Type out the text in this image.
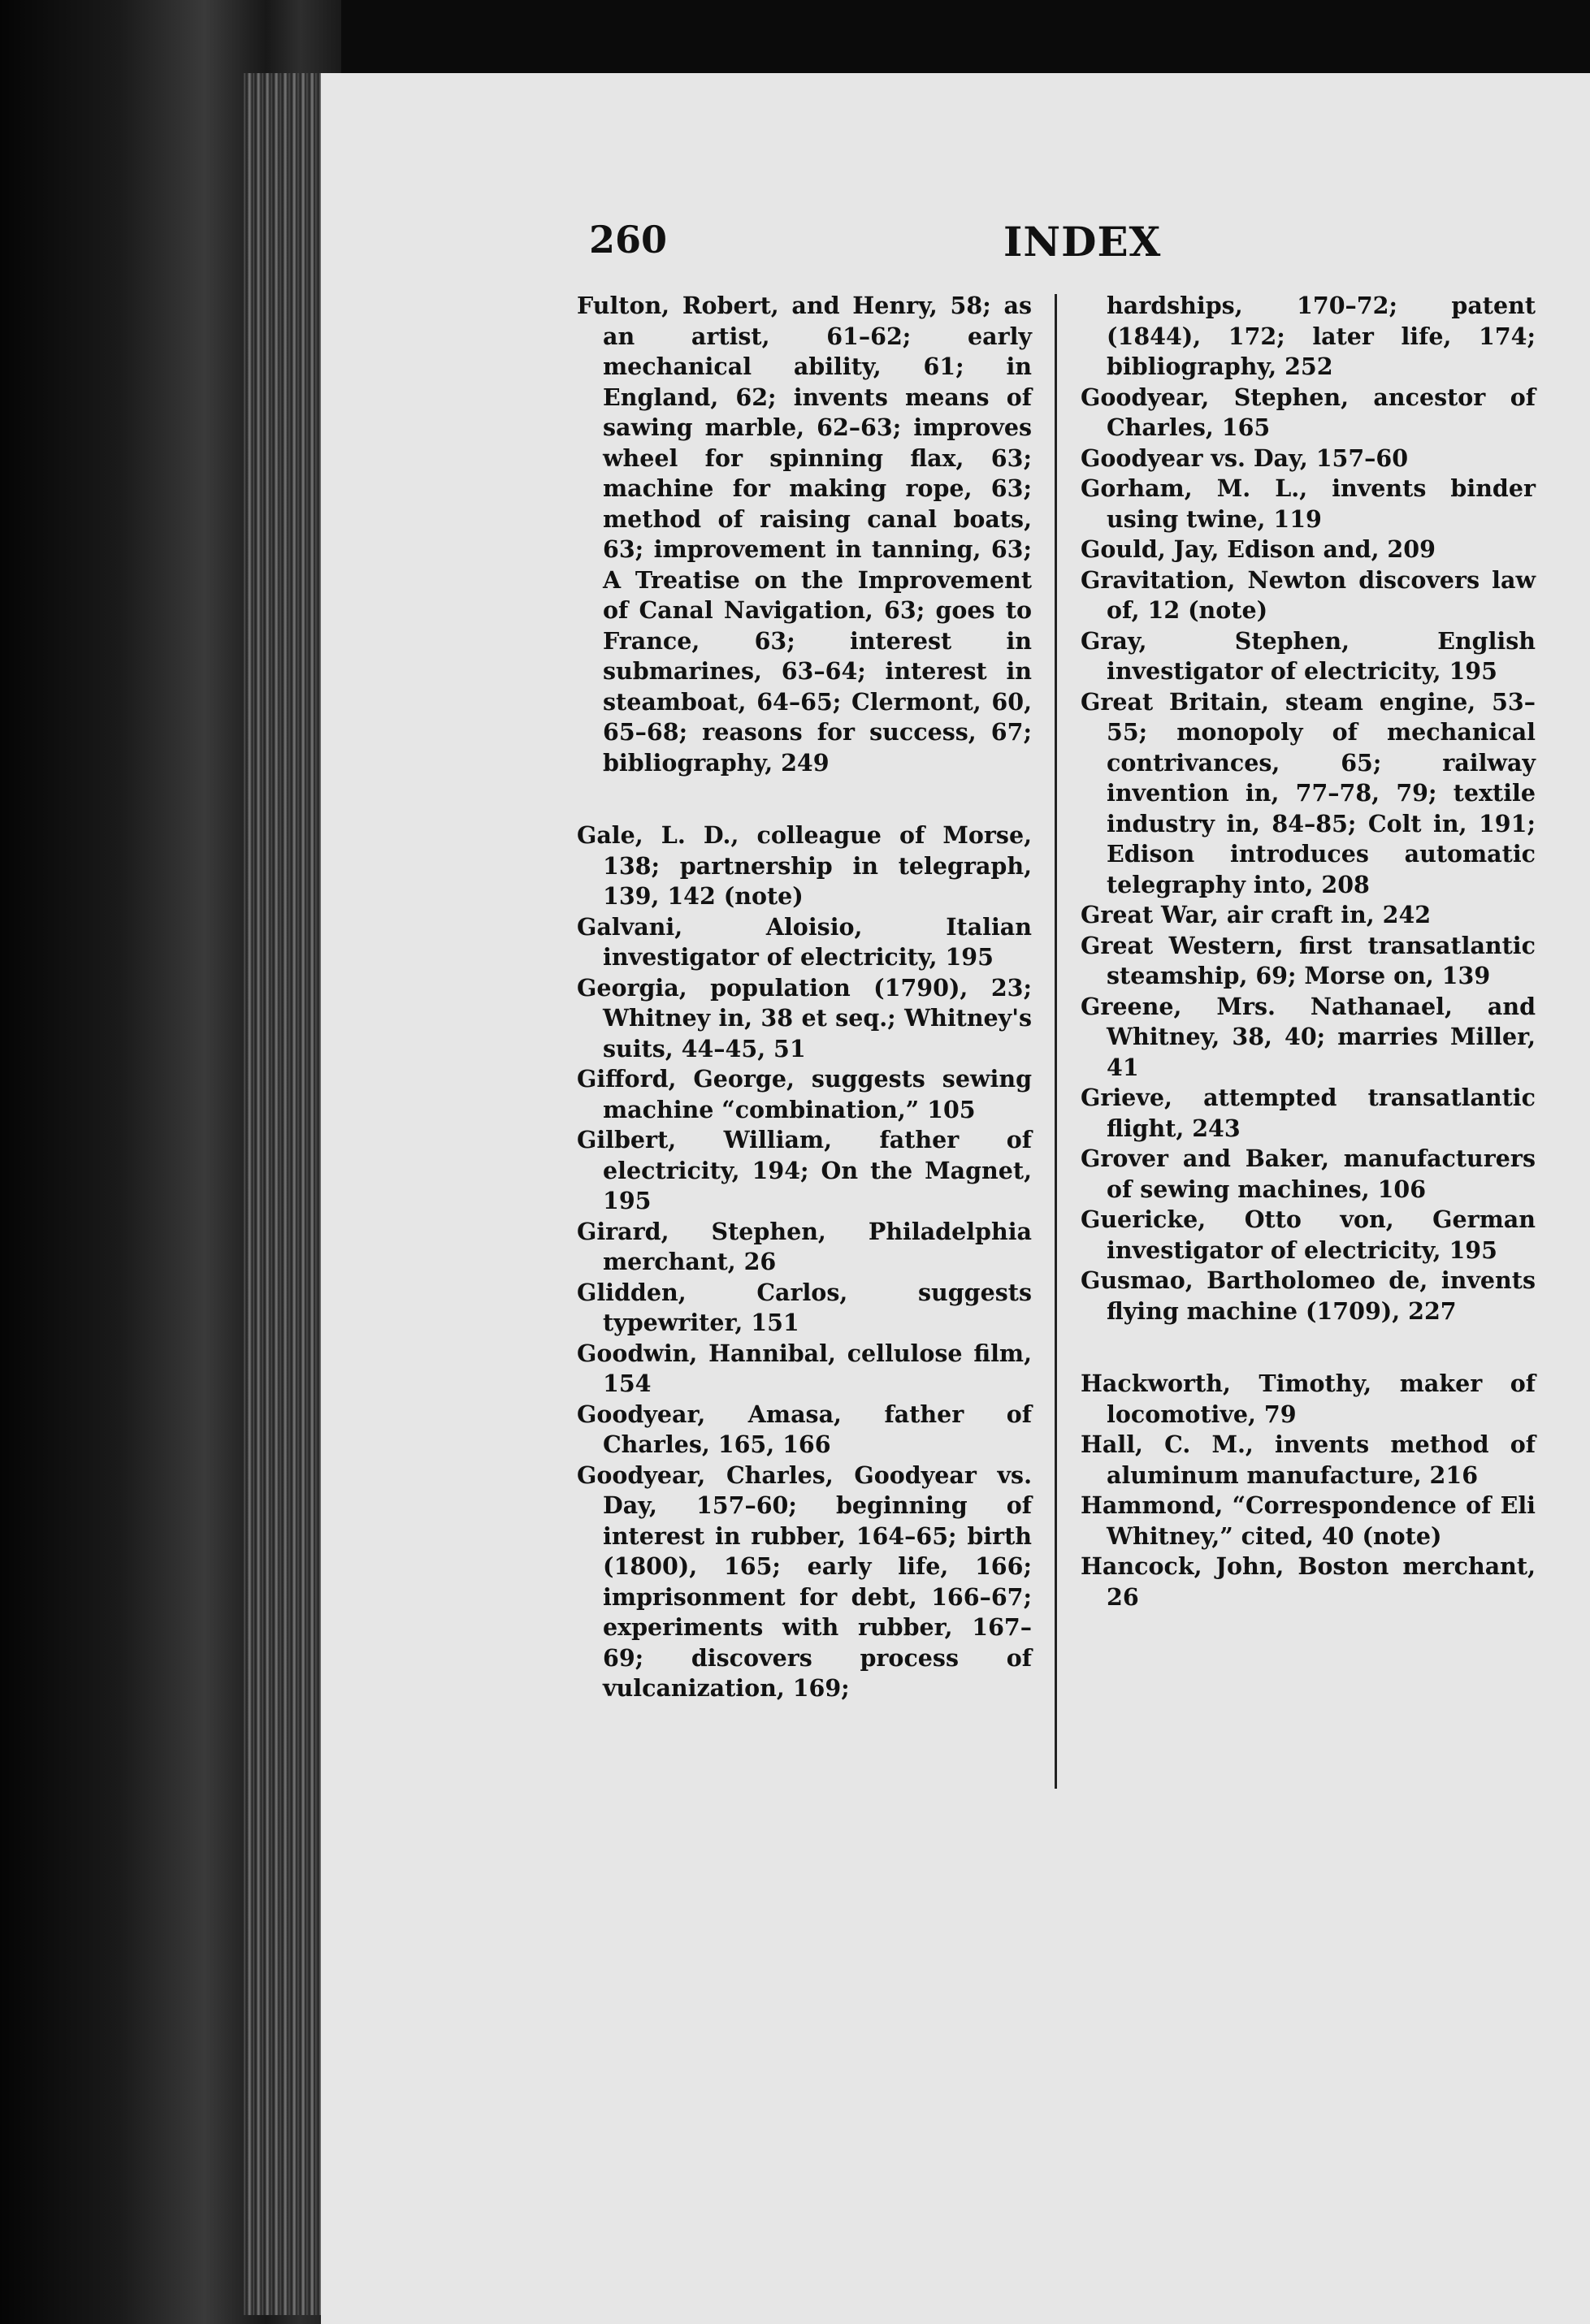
260	INDEX

Fulton, Robert, and Henry, 58; as an artist, 61–62; early mechanical ability, 61; in England, 62; invents means of sawing marble, 62–63; improves wheel for spinning flax, 63; machine for making rope, 63; method of raising canal boats, 63; improvement in tanning, 63; A Treatise on the Improvement of Canal Navigation, 63; goes to France, 63; interest in submarines, 63–64; interest in steamboat, 64–65; Clermont, 60, 65–68; reasons for success, 67; bibliography, 249

Gale, L. D., colleague of Morse, 138; partnership in telegraph, 139, 142 (note)

Galvani, Aloisio, Italian investigator of electricity, 195

Georgia, population (1790), 23; Whitney in, 38 et seq.; Whitney's suits, 44–45, 51

Gifford, George, suggests sewing machine “combination,” 105

Gilbert, William, father of electricity, 194; On the Magnet, 195

Girard, Stephen, Philadelphia merchant, 26

Glidden, Carlos, suggests typewriter, 151

Goodwin, Hannibal, cellulose film, 154

Goodyear, Amasa, father of Charles, 165, 166

Goodyear, Charles, Goodyear vs. Day, 157–60; beginning of interest in rubber, 164–65; birth (1800), 165; early life, 166; imprisonment for debt, 166–67; experiments with rubber, 167–69; discovers process of vulcanization, 169;

hardships, 170–72; patent (1844), 172; later life, 174; bibliography, 252

Goodyear, Stephen, ancestor of Charles, 165

Goodyear vs. Day, 157–60

Gorham, M. L., invents binder using twine, 119

Gould, Jay, Edison and, 209

Gravitation, Newton discovers law of, 12 (note)

Gray, Stephen, English investigator of electricity, 195

Great Britain, steam engine, 53–55; monopoly of mechanical contrivances, 65; railway invention in, 77–78, 79; textile industry in, 84–85; Colt in, 191; Edison introduces automatic telegraphy into, 208

Great War, air craft in, 242

Great Western, first transatlantic steamship, 69; Morse on, 139

Greene, Mrs. Nathanael, and Whitney, 38, 40; marries Miller, 41

Grieve, attempted transatlantic flight, 243

Grover and Baker, manufacturers of sewing machines, 106

Guericke, Otto von, German investigator of electricity, 195

Gusmao, Bartholomeo de, invents flying machine (1709), 227

Hackworth, Timothy, maker of locomotive, 79

Hall, C. M., invents method of aluminum manufacture, 216

Hammond, “Correspondence of Eli Whitney,” cited, 40 (note)

Hancock, John, Boston merchant, 26
